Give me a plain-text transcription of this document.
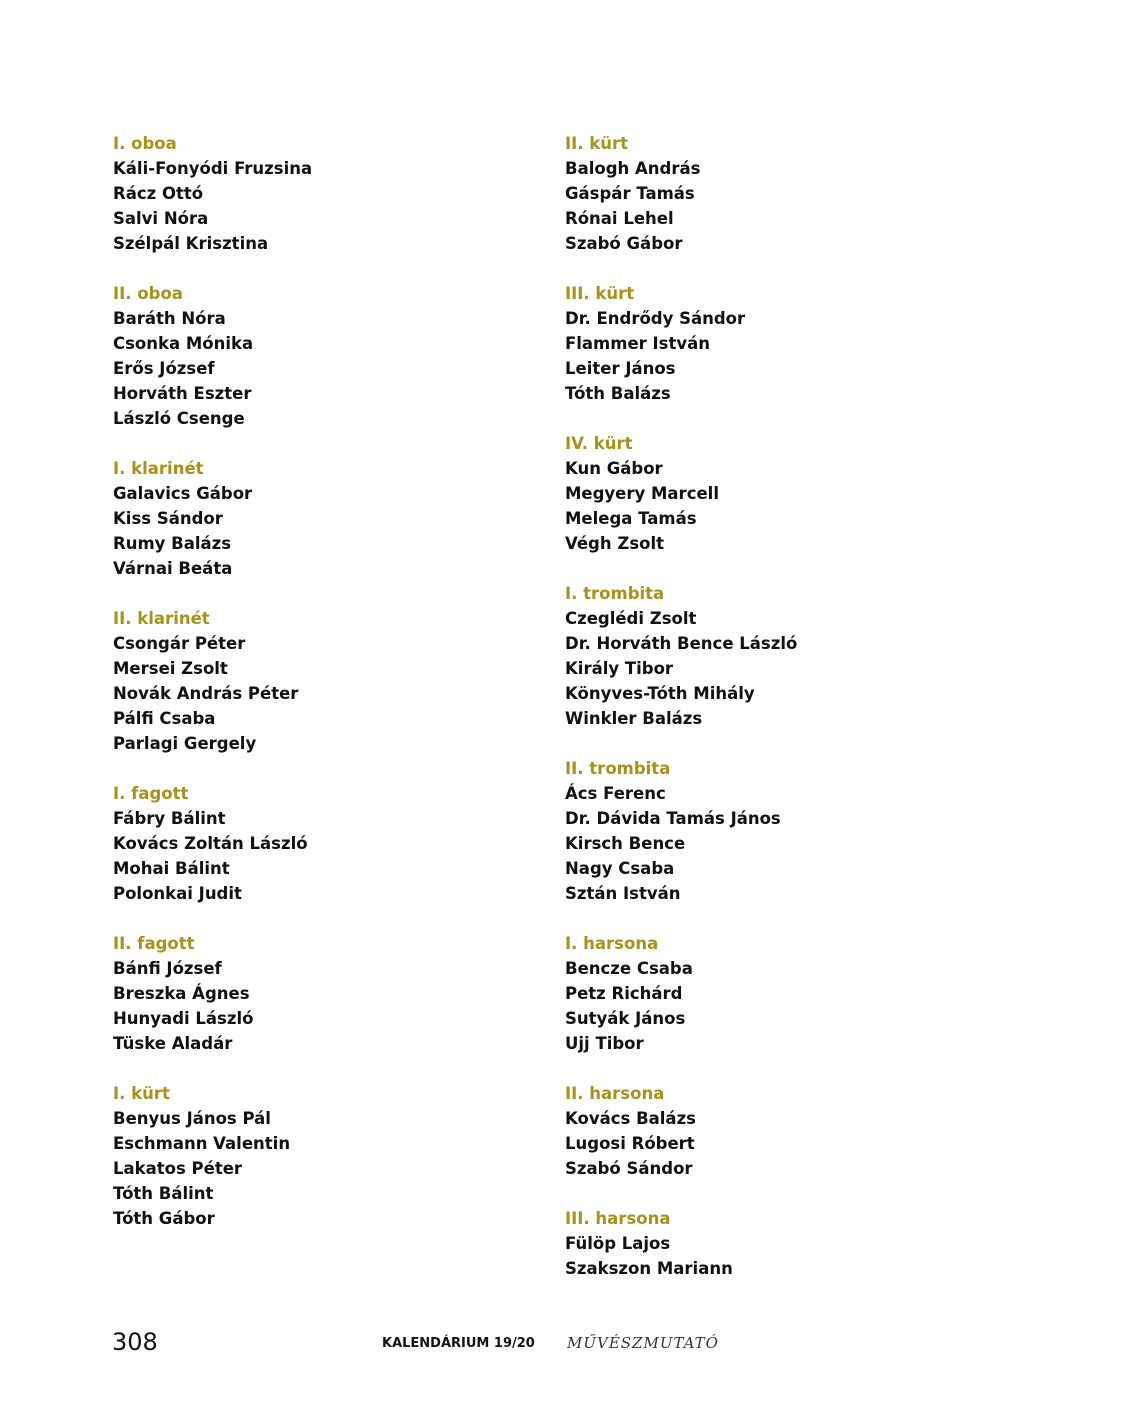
I. oboa
Káli-Fonyódi Fruzsina
Rácz Ottó
Salvi Nóra
Szélpál Krisztina
II. oboa
Baráth Nóra
Csonka Mónika
Erős József
Horváth Eszter
László Csenge
I. klarinét
Galavics Gábor
Kiss Sándor
Rumy Balázs
Várnai Beáta
II. klarinét
Csongár Péter
Mersei Zsolt
Novák András Péter
Pálfi Csaba
Parlagi Gergely
I. fagott
Fábry Bálint
Kovács Zoltán László
Mohai Bálint
Polonkai Judit
II. fagott
Bánfi József
Breszka Ágnes
Hunyadi László
Tüske Aladár
I. kürt
Benyus János Pál
Eschmann Valentin
Lakatos Péter
Tóth Bálint
Tóth Gábor
II. kürt
Balogh András
Gáspár Tamás
Rónai Lehel
Szabó Gábor
III. kürt
Dr. Endrődy Sándor
Flammer István
Leiter János
Tóth Balázs
IV. kürt
Kun Gábor
Megyery Marcell
Melega Tamás
Végh Zsolt
I. trombita
Czeglédi Zsolt
Dr. Horváth Bence László
Király Tibor
Könyves-Tóth Mihály
Winkler Balázs
II. trombita
Ács Ferenc
Dr. Dávida Tamás János
Kirsch Bence
Nagy Csaba
Sztán István
I. harsona
Bencze Csaba
Petz Richárd
Sutyák János
Ujj Tibor
II. harsona
Kovács Balázs
Lugosi Róbert
Szabó Sándor
III. harsona
Fülöp Lajos
Szakszon Mariann
308	KALENDÁRIUM 19/20 MŰVÉSZMUTATÓ
